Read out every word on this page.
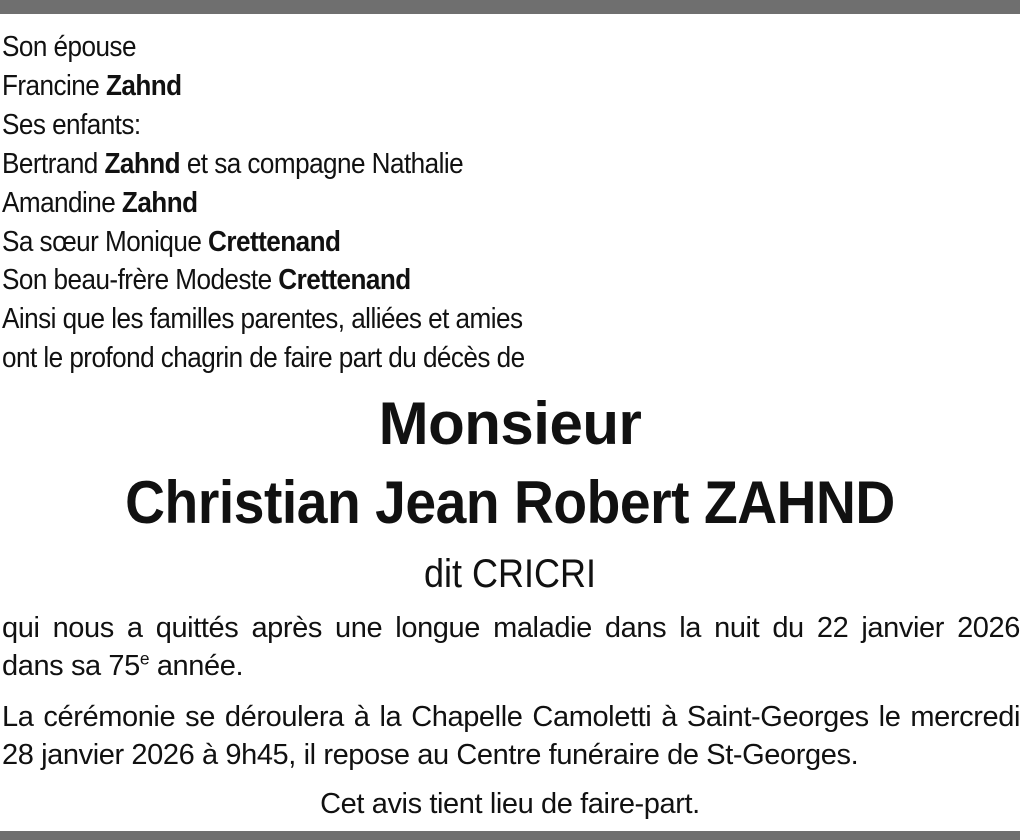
Son épouse
Francine Zahnd
Ses enfants:
Bertrand Zahnd et sa compagne Nathalie
Amandine Zahnd
Sa sœur Monique Crettenand
Son beau-frère Modeste Crettenand
Ainsi que les familles parentes, alliées et amies
ont le profond chagrin de faire part du décès de
Monsieur
Christian Jean Robert ZAHND
dit CRICRI
qui nous a quittés après une longue maladie dans la nuit du 22 janvier 2026 dans sa 75e année.
La cérémonie se déroulera à la Chapelle Camoletti à Saint-Georges le mercredi 28 janvier 2026 à 9h45, il repose au Centre funéraire de St-Georges.
Cet avis tient lieu de faire-part.
